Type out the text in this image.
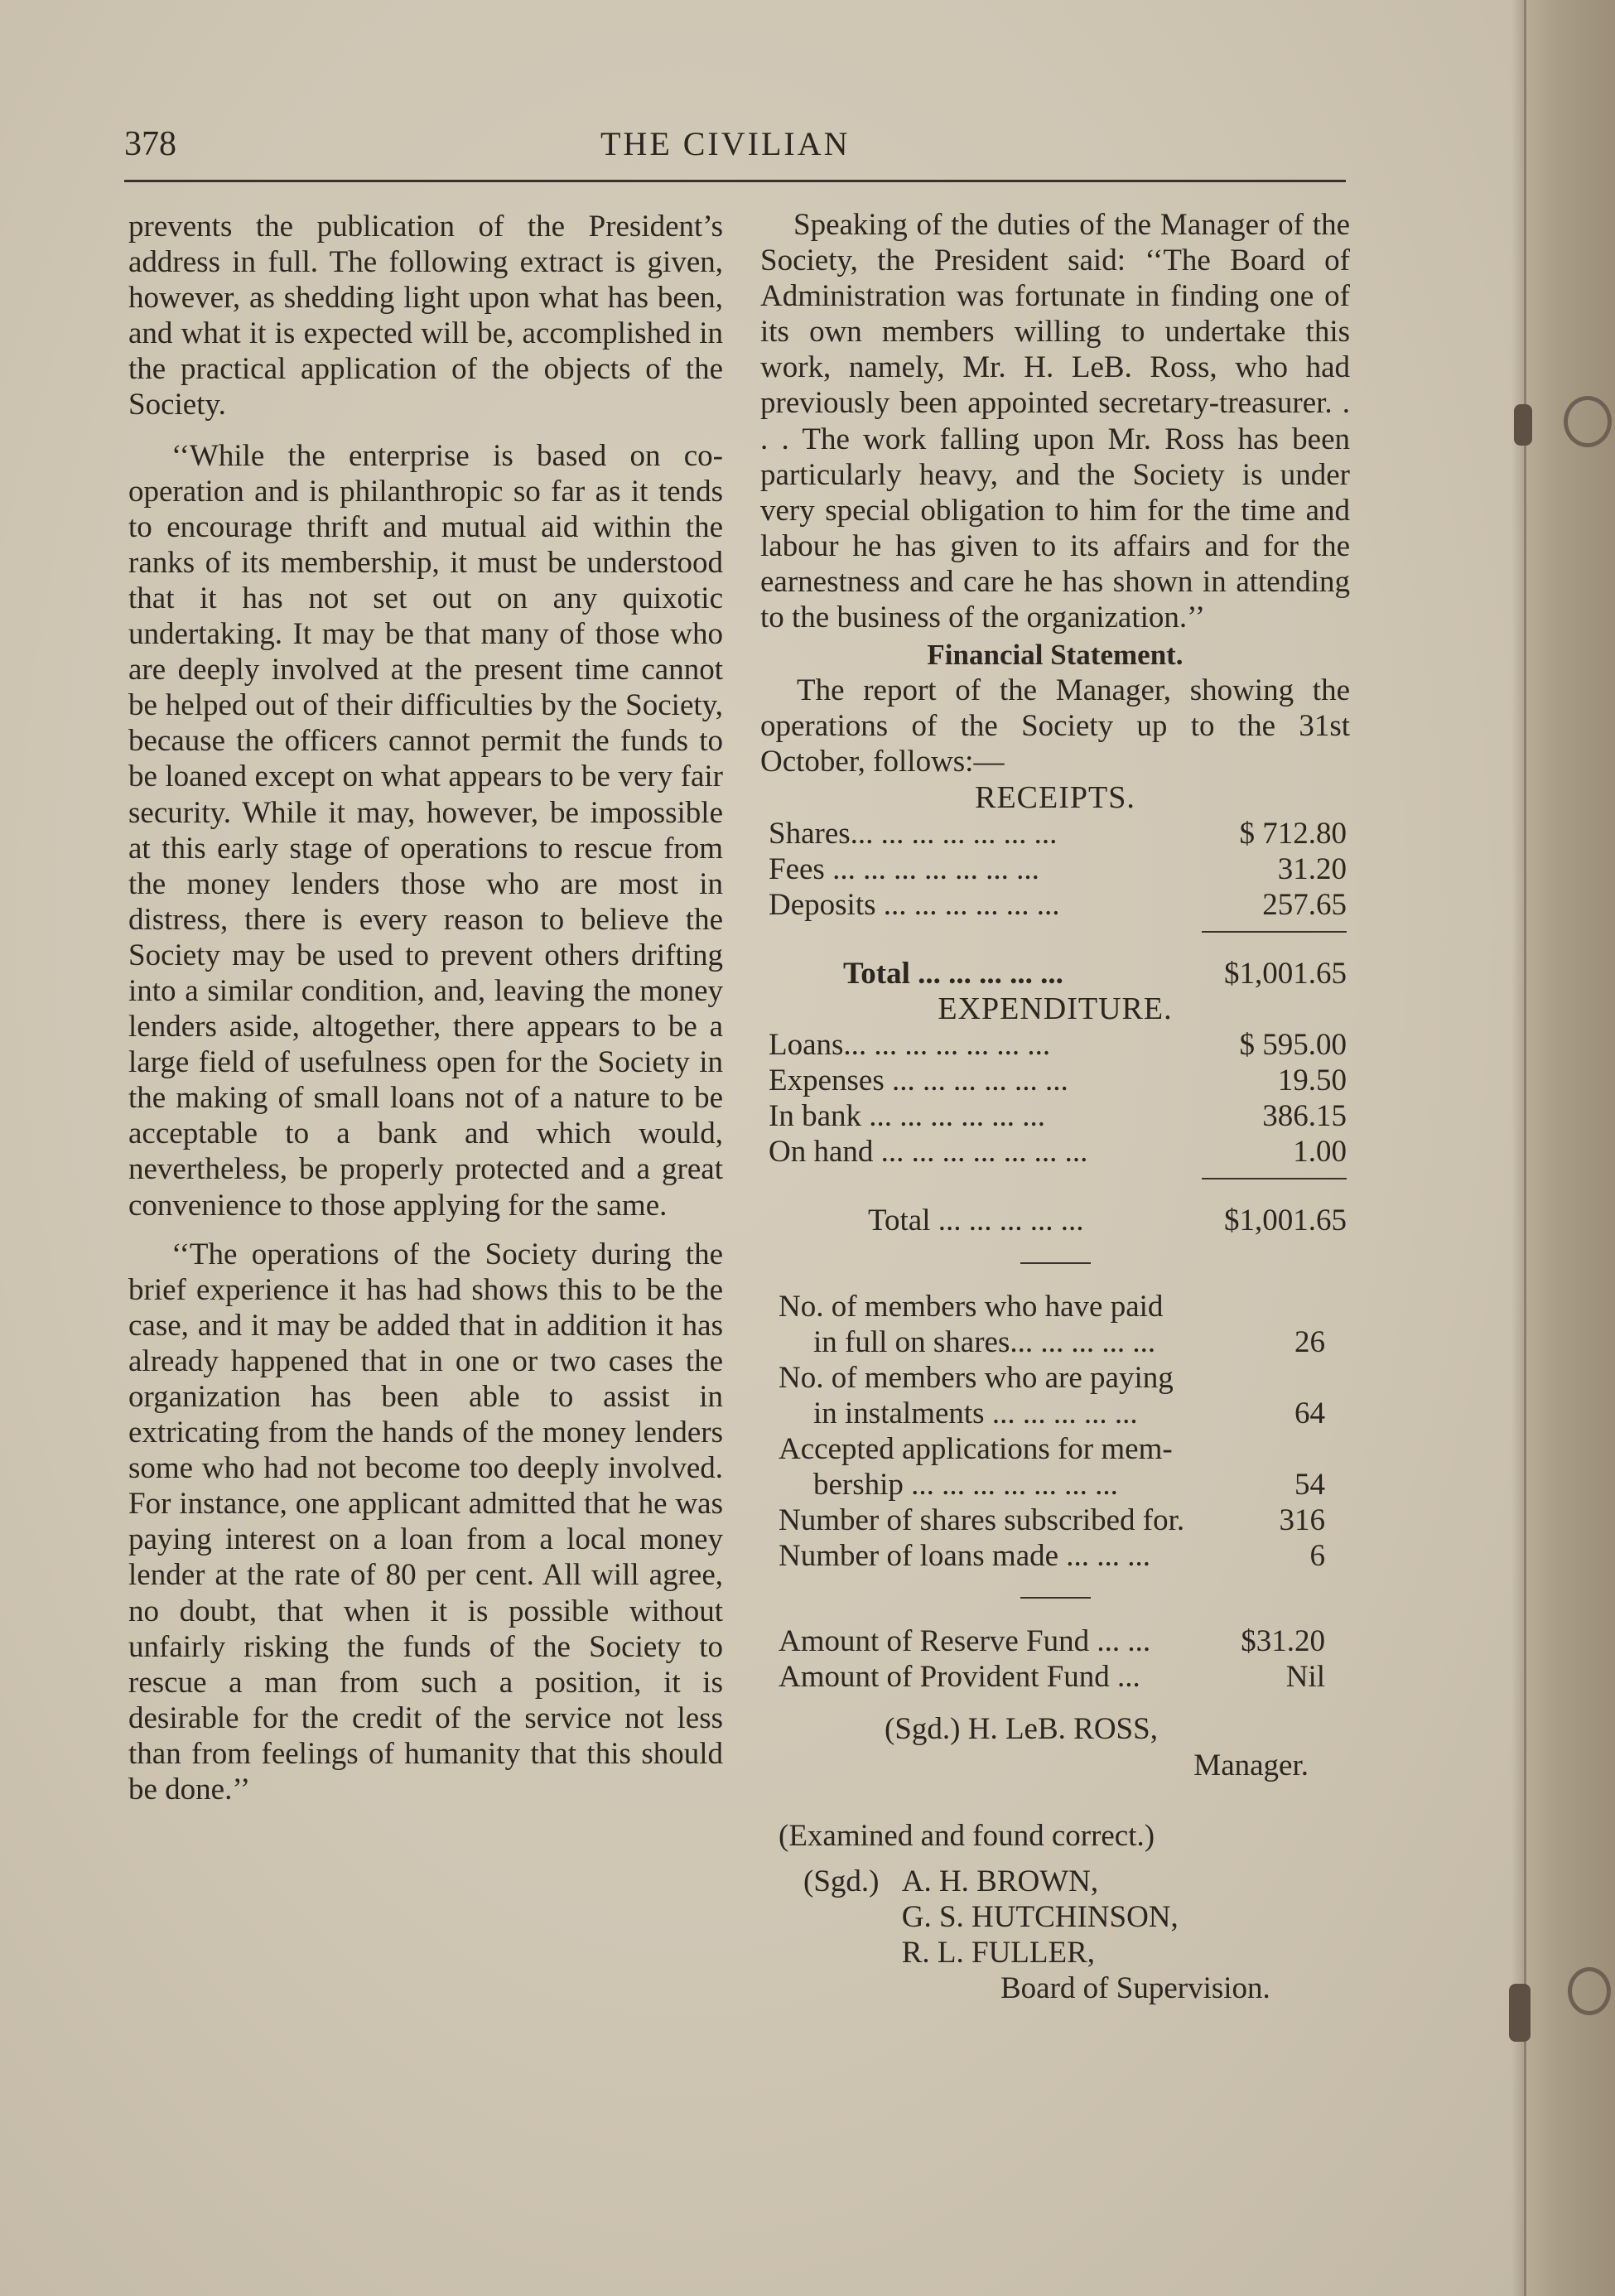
378	THE CIVILIAN

prevents the publication of the President’s address in full. The following extract is given, however, as shedding light upon what has been, and what it is expected will be, accomplished in the practical application of the objects of the Society.

‘‘While the enterprise is based on co-operation and is philanthropic so far as it tends to encourage thrift and mutual aid within the ranks of its membership, it must be understood that it has not set out on any quixotic undertaking. It may be that many of those who are deeply involved at the present time cannot be helped out of their difficulties by the Society, because the officers cannot permit the funds to be loaned except on what appears to be very fair security. While it may, however, be impossible at this early stage of operations to rescue from the money lenders those who are most in distress, there is every reason to believe the Society may be used to prevent others drifting into a similar condition, and, leaving the money lenders aside, altogether, there appears to be a large field of usefulness open for the Society in the making of small loans not of a nature to be acceptable to a bank and which would, nevertheless, be properly protected and a great convenience to those applying for the same.

‘‘The operations of the Society during the brief experience it has had shows this to be the case, and it may be added that in addition it has already happened that in one or two cases the organization has been able to assist in extricating from the hands of the money lenders some who had not become too deeply involved. For instance, one applicant admitted that he was paying interest on a loan from a local money lender at the rate of 80 per cent. All will agree, no doubt, that when it is possible without unfairly risking the funds of the Society to rescue a man from such a position, it is desirable for the credit of the service not less than from feelings of humanity that this should be done.’’

Speaking of the duties of the Manager of the Society, the President said: ‘‘The Board of Administration was fortunate in finding one of its own members willing to undertake this work, namely, Mr. H. LeB. Ross, who had previously been appointed secretary-treasurer. . . . The work falling upon Mr. Ross has been particularly heavy, and the Society is under very special obligation to him for the time and labour he has given to its affairs and for the earnestness and care he has shown in attending to the business of the organization.’’

Financial Statement.

The report of the Manager, showing the operations of the Society up to the 31st October, follows:—

RECEIPTS.

Shares... ... ... ... ... ... ...	$ 712.80
Fees ... ... ... ... ... ... ...	31.20
Deposits ... ... ... ... ... ...	257.65
Total ... ... ... ... ...	$1,001.65

EXPENDITURE.

Loans... ... ... ... ... ... ...	$ 595.00
Expenses ... ... ... ... ... ...	19.50
In bank ... ... ... ... ... ...	386.15
On hand ... ... ... ... ... ... ...	1.00
Total ... ... ... ... ...	$1,001.65
No. of members who have paid
in full on shares... ... ... ... ...	26
No. of members who are paying
in instalments ... ... ... ... ...	64
Accepted applications for mem-
bership ... ... ... ... ... ... ...	54
Number of shares subscribed for.	316
Number of loans made ... ... ...	6
Amount of Reserve Fund ... ...	$31.20
Amount of Provident Fund ...	Nil
(Sgd.) H. LeB. ROSS,
Manager.
(Examined and found correct.)
(Sgd.) A. H. BROWN,
G. S. HUTCHINSON,
R. L. FULLER,
Board of Supervision.
